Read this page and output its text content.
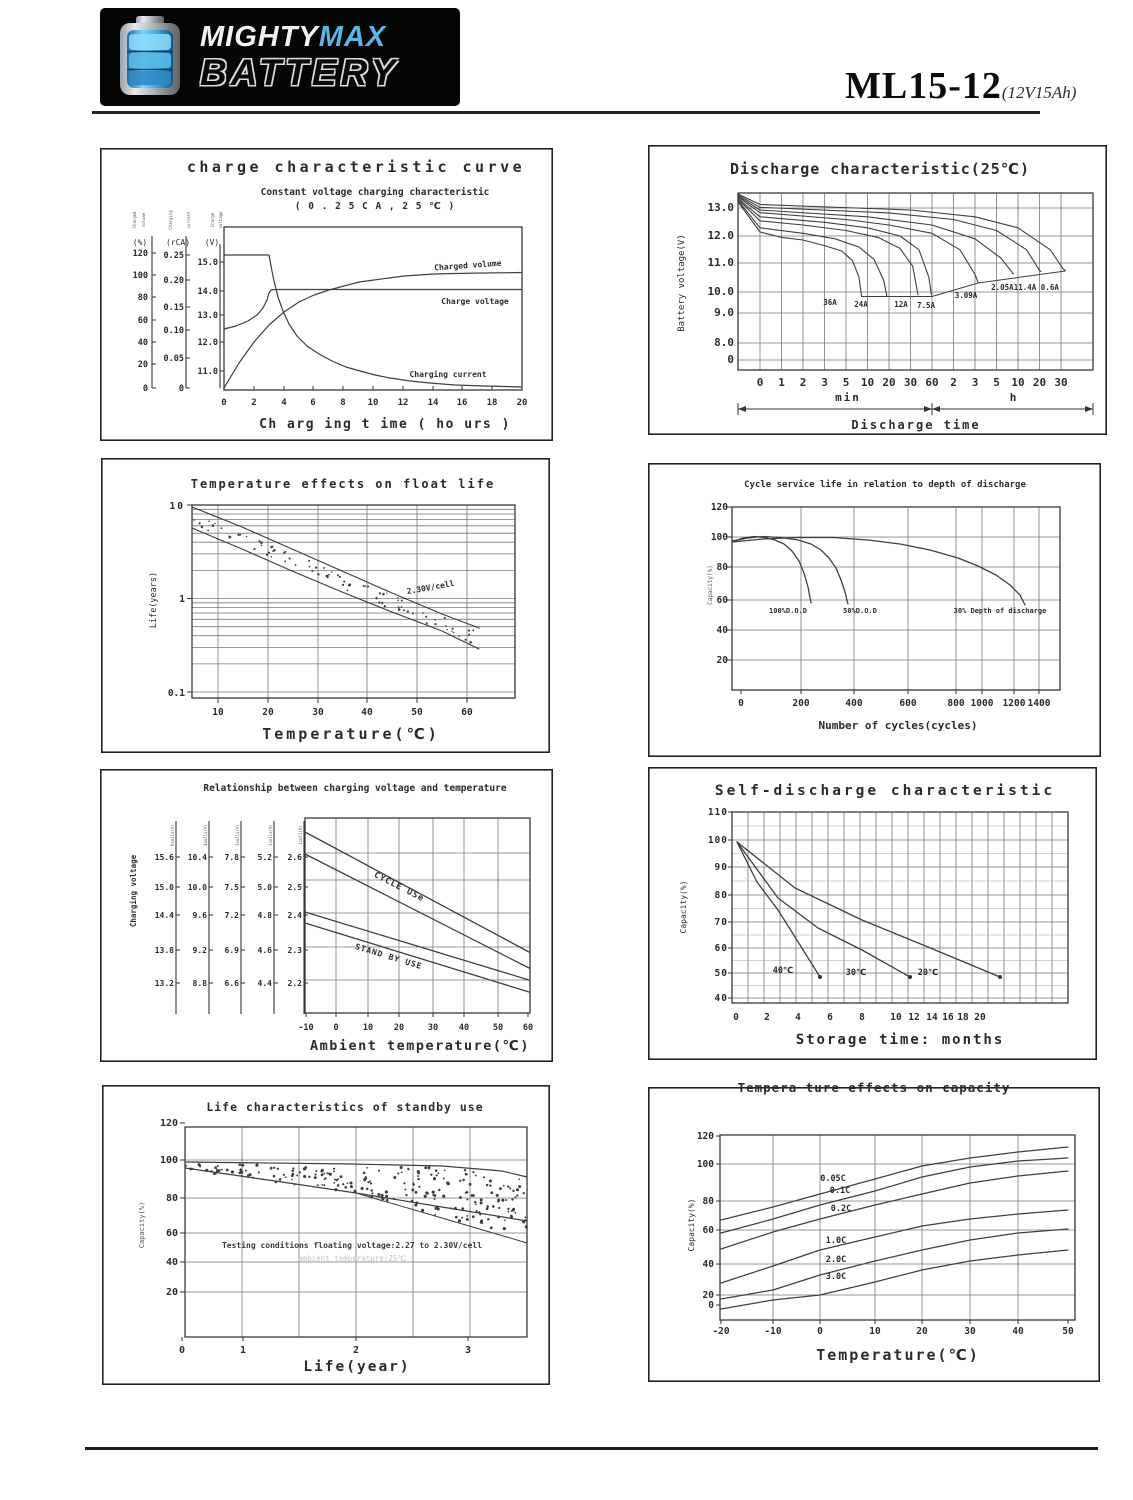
MIGHTYMAX
BATTERY	ML15-12(12V15Ah)
charge characteristic curve
Constant voltage charging characteristic
( 0 . 2 5 C A , 2 5 ℃ )
(%) (rCA) (V)
Charged volume	Charging	current	Charge voltage
120
100
80
60
40
20
0
0.25
0.20
0.15
0.10
0.05
0
15.0
14.0
13.0
12.0
11.0
0	2	4	6	8 10 12 14 16 18 20
Ch arg ing t ime ( ho urs )
Charged volume
Charge voltage
Charging current
Discharge characteristic(25℃)
13.0
12.0
11.0
10.0
9.0
8.0
0
Battery voltage(V)
0 1 2 3 5 10 20 30 60 2 3 5 10 20 30
min	h
Discharge time
36A 24A	12A 7.5A
3.09A
2.05A11.4A 0.6A
Temperature effects on float life
10
1
0.1
Life(years)	2.30V/cell
10	20	30	40	50	60
Temperature(℃)
Cycle service life in relation to depth of discharge
120
100
80
60
40
20
Capacity(%)
0	200	400	600	800 1000 1200 1400
Number of cycles(cycles)
100%D.O.D	50%D.O.D	30% Depth of discharge
Relationship between charging voltage and temperature
Charging voltage
6cells(V)	4cells(V)	3cells(V)	2cells(V)	1cell(V)
15.6
15.0
14.4
13.8
13.2
10.4
10.0
9.6
9.2
8.8
7.8
7.5
7.2
6.9
6.6
5.2
5.0
4.8
4.6
4.4
2.6
2.5
2.4
2.3
2.2
-10 0	10 20	30 40	50 60
Ambient temperature(℃)
CYCLE USe
STAND BY USE
Self-discharge characteristic
110
100
90
80
70
60
50
40
Capacity(%)
0	2	4	6	8	10 12 14 16 18 20
Storage time: months
40℃	30℃	20℃
Life characteristics of standby use
120
100
80
60
40
20
Capacity(%)
0	1	2	3
Testing conditions floating voltage:2.27 to 2.30V/cell
ambient temperature:25℃
Life(year)
Tempera ture effects on capacity
120
100
80
60
40
20
0
Capacity(%)
-20	-10	0	10	20	30	40	50
Temperature(℃)
0.05C
0.1C
0.2C
1.0C
2.0C
3.0C
